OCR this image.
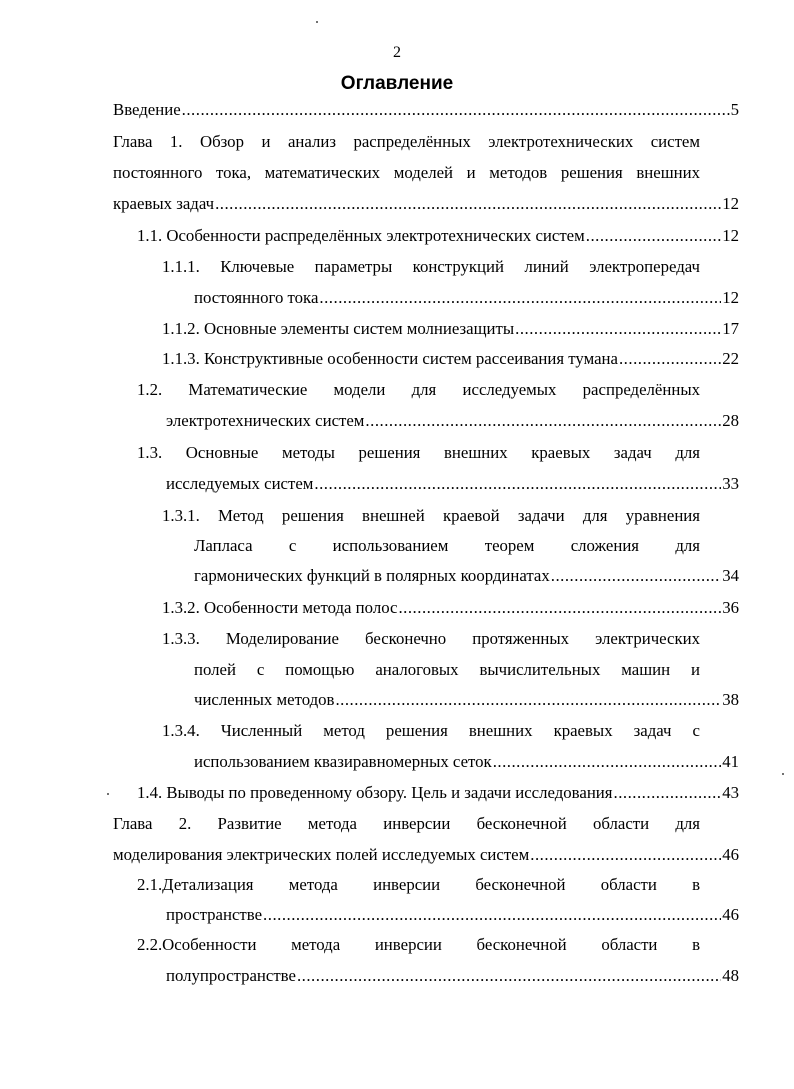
2
Оглавление
Введение .....	5
Глава 1. Обзор и анализ распределённых электротехнических систем
постоянного тока, математических моделей и методов решения внешних
краевых задач .....	12
1.1. Особенности распределённых электротехнических систем .....	12
1.1.1. Ключевые параметры конструкций линий электропередач
постоянного тока .....	12
1.1.2. Основные элементы систем молниезащиты .....	17
1.1.3. Конструктивные особенности систем рассеивания тумана .....	22
1.2. Математические модели для исследуемых распределённых
электротехнических систем .....	28
1.3. Основные методы решения внешних краевых задач для
исследуемых систем .....	33
1.3.1. Метод решения внешней краевой задачи для уравнения
Лапласа с использованием теорем сложения для
гармонических функций в полярных координатах .....	34
1.3.2. Особенности метода полос .....	36
1.3.3. Моделирование бесконечно протяженных электрических
полей с помощью аналоговых вычислительных машин и
численных методов .....	38
1.3.4. Численный метод решения внешних краевых задач с
использованием квазиравномерных сеток .....	41
1.4. Выводы по проведенному обзору. Цель и задачи исследования .....	43
Глава 2. Развитие метода инверсии бесконечной области для
моделирования электрических полей исследуемых систем .....	46
2.1.Детализация метода инверсии бесконечной области в
пространстве .....	46
2.2.Особенности метода инверсии бесконечной области в
полупространстве .....	48
